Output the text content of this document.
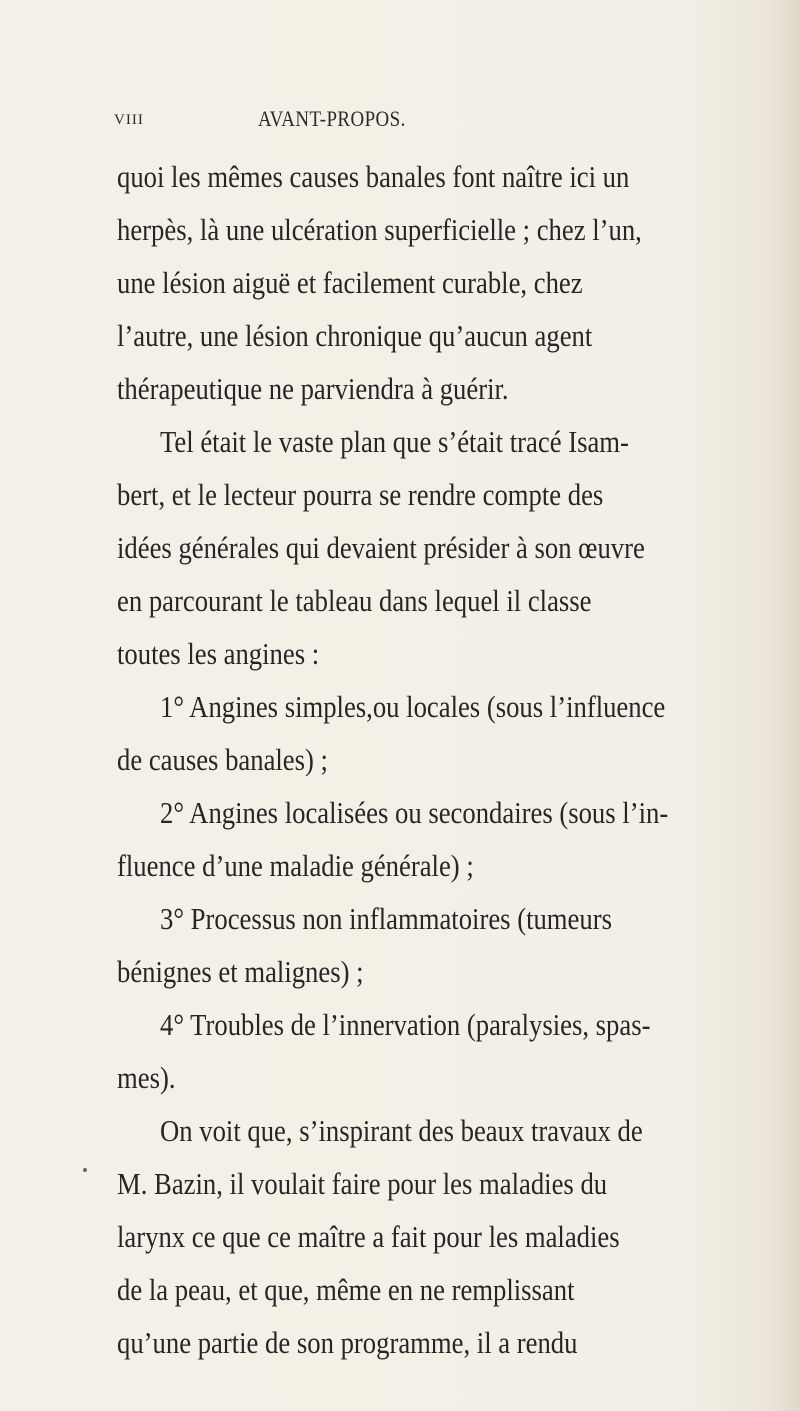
VIII	AVANT-PROPOS.
quoi les mêmes causes banales font naître ici un
herpès, là une ulcération superficielle ; chez l’un,
une lésion aiguë et facilement curable, chez
l’autre, une lésion chronique qu’aucun agent
thérapeutique ne parviendra à guérir.
Tel était le vaste plan que s’était tracé Isam-
bert, et le lecteur pourra se rendre compte des
idées générales qui devaient présider à son œuvre
en parcourant le tableau dans lequel il classe
toutes les angines :
1° Angines simples,ou locales (sous l’influence
de causes banales) ;
2° Angines localisées ou secondaires (sous l’in-
fluence d’une maladie générale) ;
3° Processus non inflammatoires (tumeurs
bénignes et malignes) ;
4° Troubles de l’innervation (paralysies, spas-
mes).
On voit que, s’inspirant des beaux travaux de
M. Bazin, il voulait faire pour les maladies du
larynx ce que ce maître a fait pour les maladies
de la peau, et que, même en ne remplissant
qu’une partie de son programme, il a rendu
